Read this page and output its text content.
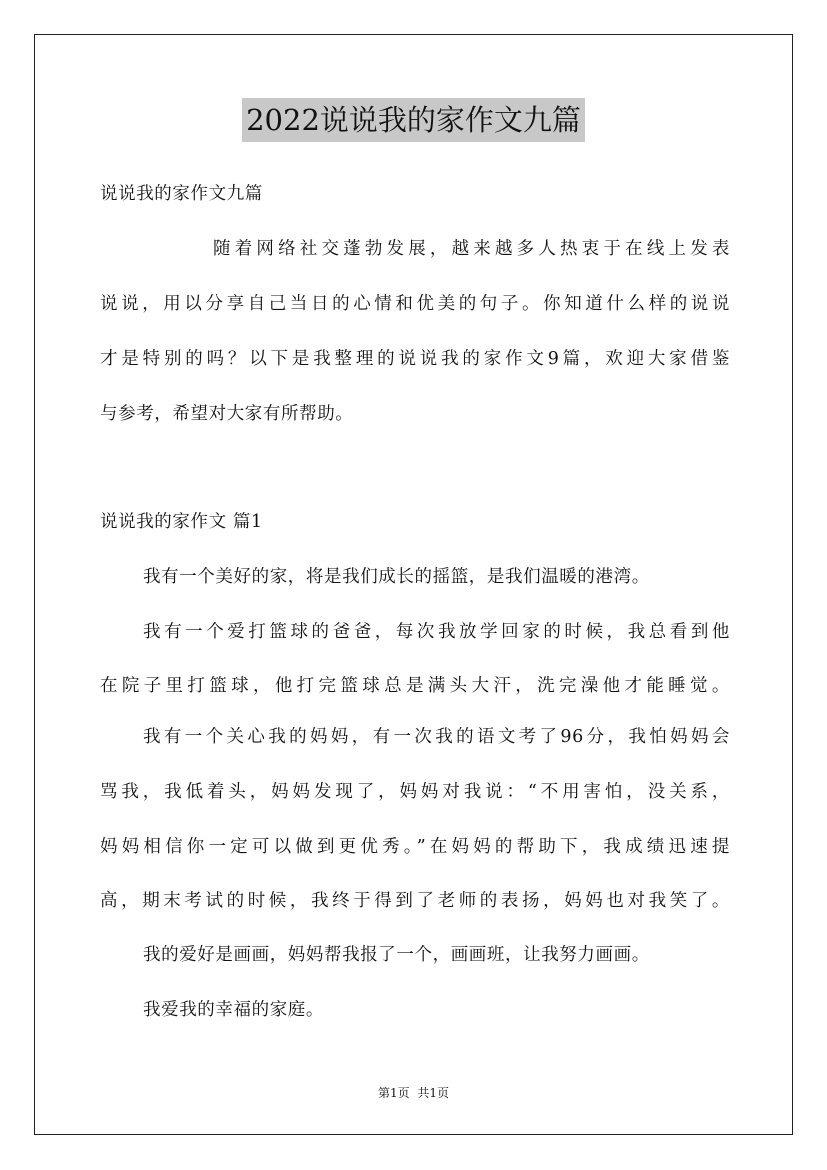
2022说说我的家作文九篇
说说我的家作文九篇
随着网络社交蓬勃发展，越来越多人热衷于在线上发表
说说，用以分享自己当日的心情和优美的句子。你知道什么样的说说
才是特别的吗？以下是我整理的说说我的家作文9篇，欢迎大家借鉴
与参考，希望对大家有所帮助。
说说我的家作文 篇1
我有一个美好的家，将是我们成长的摇篮，是我们温暖的港湾。
我有一个爱打篮球的爸爸，每次我放学回家的时候，我总看到他
在院子里打篮球，他打完篮球总是满头大汗，洗完澡他才能睡觉。
我有一个关心我的妈妈，有一次我的语文考了96分，我怕妈妈会
骂我，我低着头，妈妈发现了，妈妈对我说：“不用害怕，没关系，
妈妈相信你一定可以做到更优秀。”在妈妈的帮助下，我成绩迅速提
高，期末考试的时候，我终于得到了老师的表扬，妈妈也对我笑了。
我的爱好是画画，妈妈帮我报了一个，画画班，让我努力画画。
我爱我的幸福的家庭。
第1页 共1页
